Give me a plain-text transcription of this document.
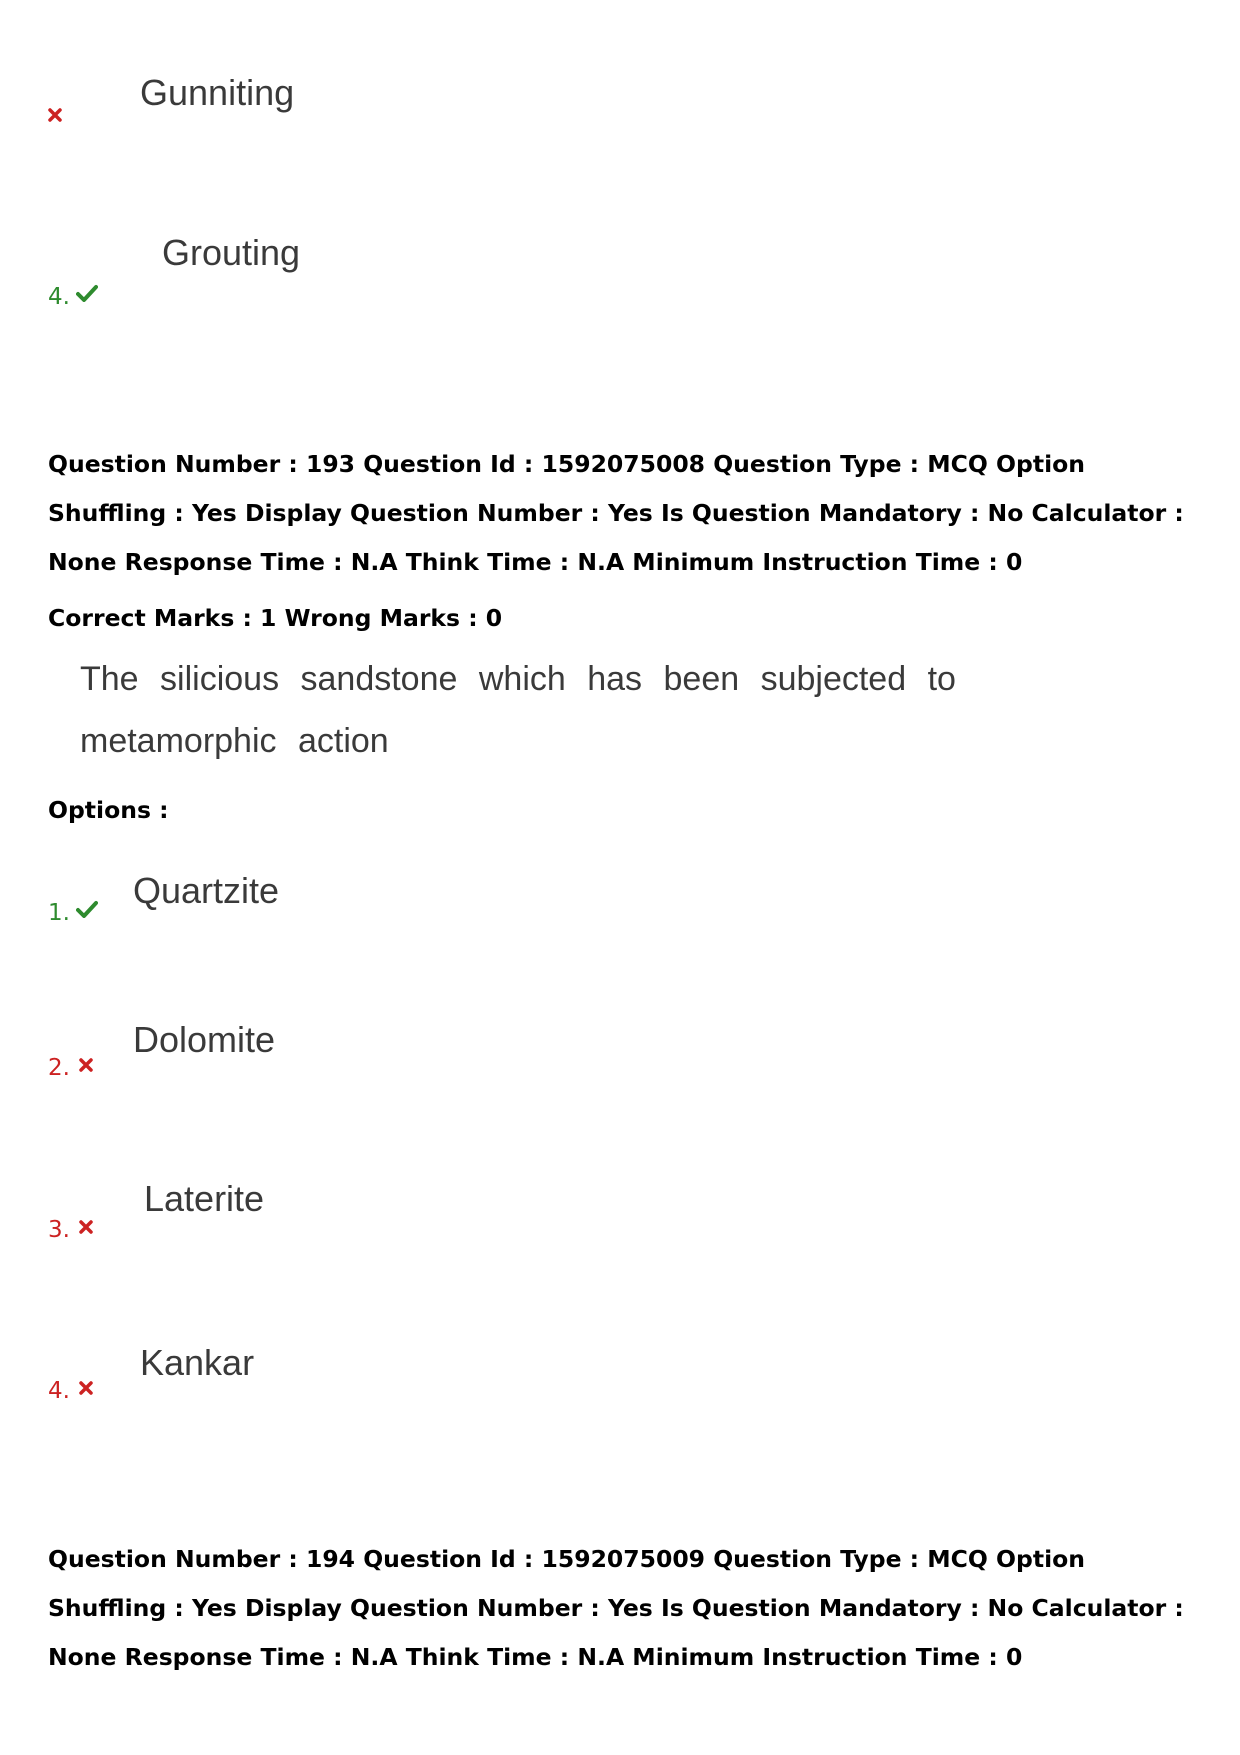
Gunniting
4.
Grouting
Question Number : 193 Question Id : 1592075008 Question Type : MCQ Option Shuffling : Yes Display Question Number : Yes Is Question Mandatory : No Calculator : None Response Time : N.A Think Time : N.A Minimum Instruction Time : 0
Correct Marks : 1 Wrong Marks : 0
The silicious sandstone which has been subjected to metamorphic action
Options :
1.
Quartzite
2.
Dolomite
3.
Laterite
4.
Kankar
Question Number : 194 Question Id : 1592075009 Question Type : MCQ Option Shuffling : Yes Display Question Number : Yes Is Question Mandatory : No Calculator : None Response Time : N.A Think Time : N.A Minimum Instruction Time : 0
